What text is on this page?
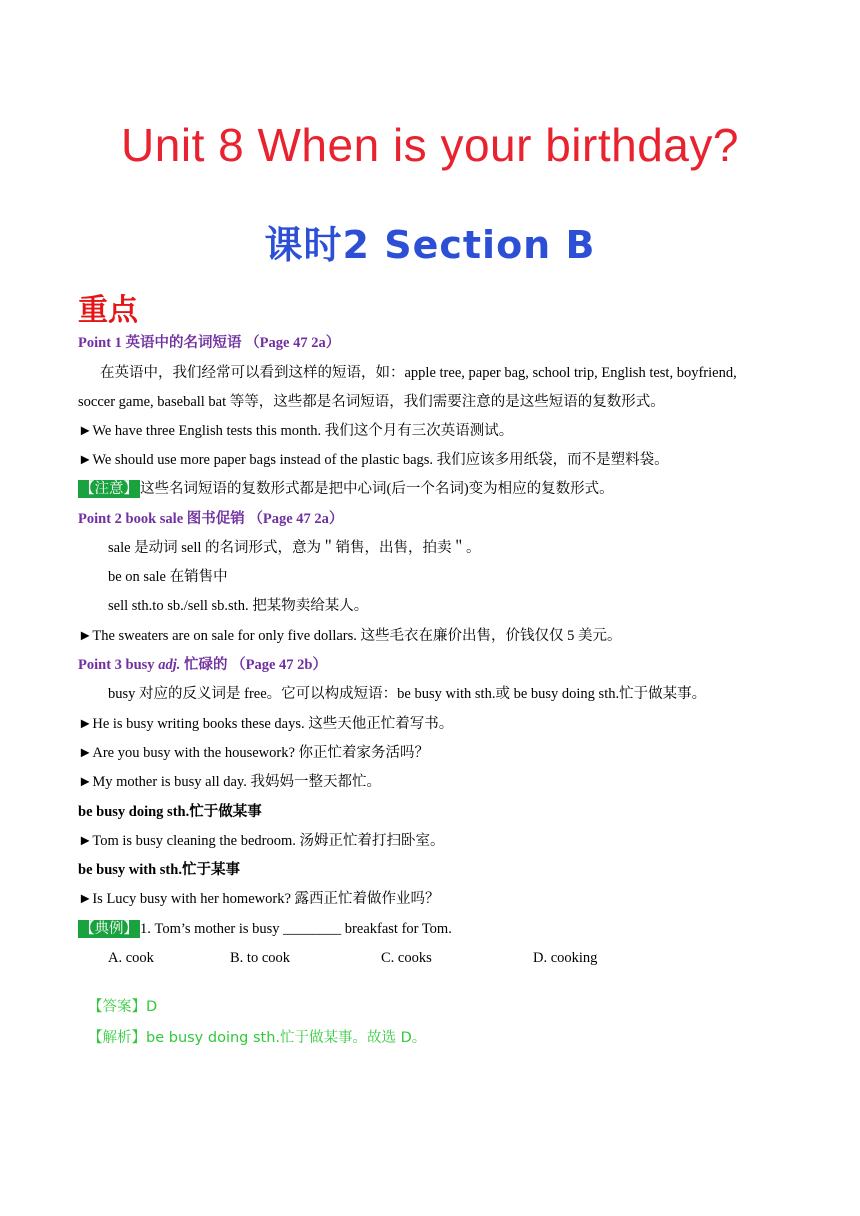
Unit 8 When is your birthday?
课时2 Section B
重点
Point 1 英语中的名词短语 （Page 47 2a）
在英语中，我们经常可以看到这样的短语，如：apple tree, paper bag, school trip, English test, boyfriend,
soccer game, baseball bat 等等，这些都是名词短语，我们需要注意的是这些短语的复数形式。
►We have three English tests this month. 我们这个月有三次英语测试。
►We should use more paper bags instead of the plastic bags. 我们应该多用纸袋，而不是塑料袋。
【注意】 这些名词短语的复数形式都是把中心词(后一个名词)变为相应的复数形式。
Point 2 book sale 图书促销 （Page 47 2a）
sale 是动词 sell 的名词形式，意为＂销售，出售，拍卖＂。
be on sale 在销售中
sell sth.to sb./sell sb.sth. 把某物卖给某人。
►The sweaters are on sale for only five dollars. 这些毛衣在廉价出售，价钱仅仅 5 美元。
Point 3 busy adj. 忙碌的 （Page 47 2b）
busy 对应的反义词是 free。它可以构成短语：be busy with sth.或 be busy doing sth.忙于做某事。
►He is busy writing books these days. 这些天他正忙着写书。
►Are you busy with the housework? 你正忙着家务活吗？
►My mother is busy all day. 我妈妈一整天都忙。
be busy doing sth.忙于做某事
►Tom is busy cleaning the bedroom. 汤姆正忙着打扫卧室。
be busy with sth.忙于某事
►Is Lucy busy with her homework? 露西正忙着做作业吗？
【典例】 1. Tom’s mother is busy ________ breakfast for Tom.
A. cook	B. to cook	C. cooks	D. cooking
【答案】D
【解析】be busy doing sth.忙于做某事。故选 D。
